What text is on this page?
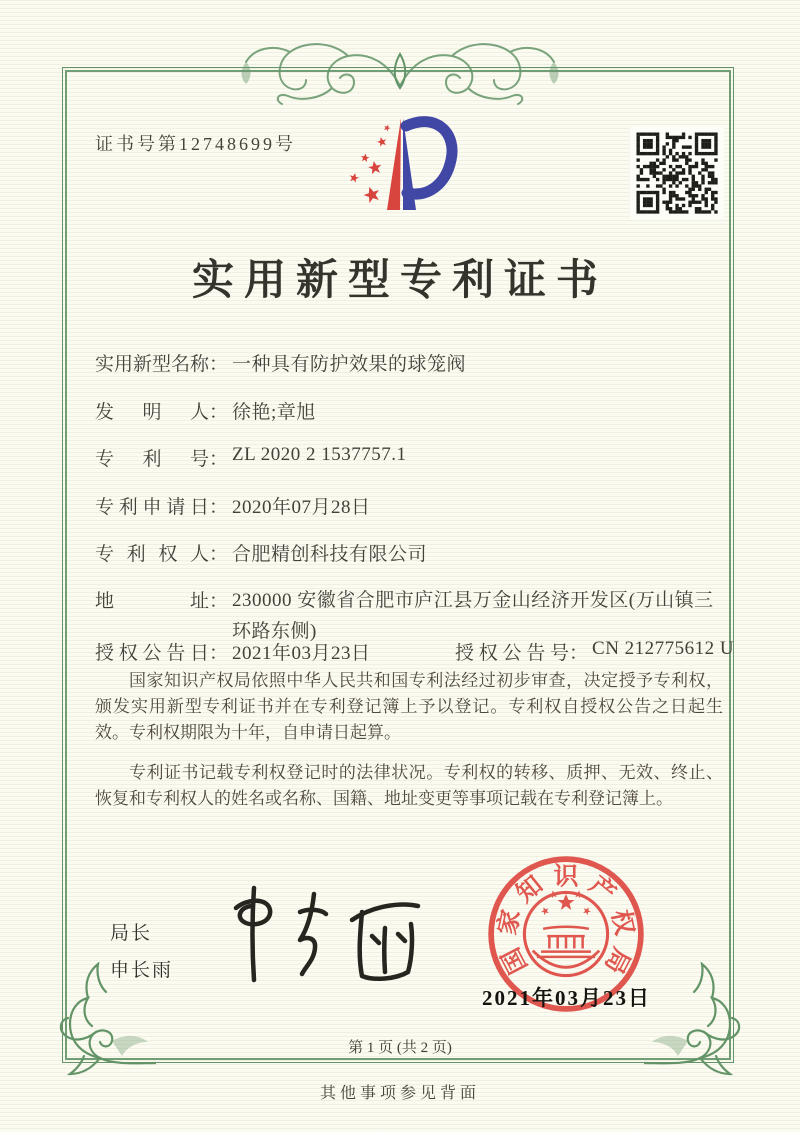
证书号第12748699号
实用新型专利证书
实用新型名称： 一种具有防护效果的球笼阀
发明人： 徐艳;章旭
专利号： ZL 2020 2 1537757.1
专利申请日： 2020年07月28日
专利权人： 合肥精创科技有限公司
地址： 230000 安徽省合肥市庐江县万金山经济开发区(万山镇三环路东侧)
授权公告日： 2021年03月23日	授权公告号： CN 212775612 U

国家知识产权局依照中华人民共和国专利法经过初步审查，决定授予专利权，颁发实用新型专利证书并在专利登记簿上予以登记。专利权自授权公告之日起生效。专利权期限为十年，自申请日起算。

专利证书记载专利权登记时的法律状况。专利权的转移、质押、无效、终止、恢复和专利权人的姓名或名称、国籍、地址变更等事项记载在专利登记簿上。

局长
申长雨	国
家
知 识 产
权
局
2021年03月23日
第 1 页 (共 2 页)
其他事项参见背面
